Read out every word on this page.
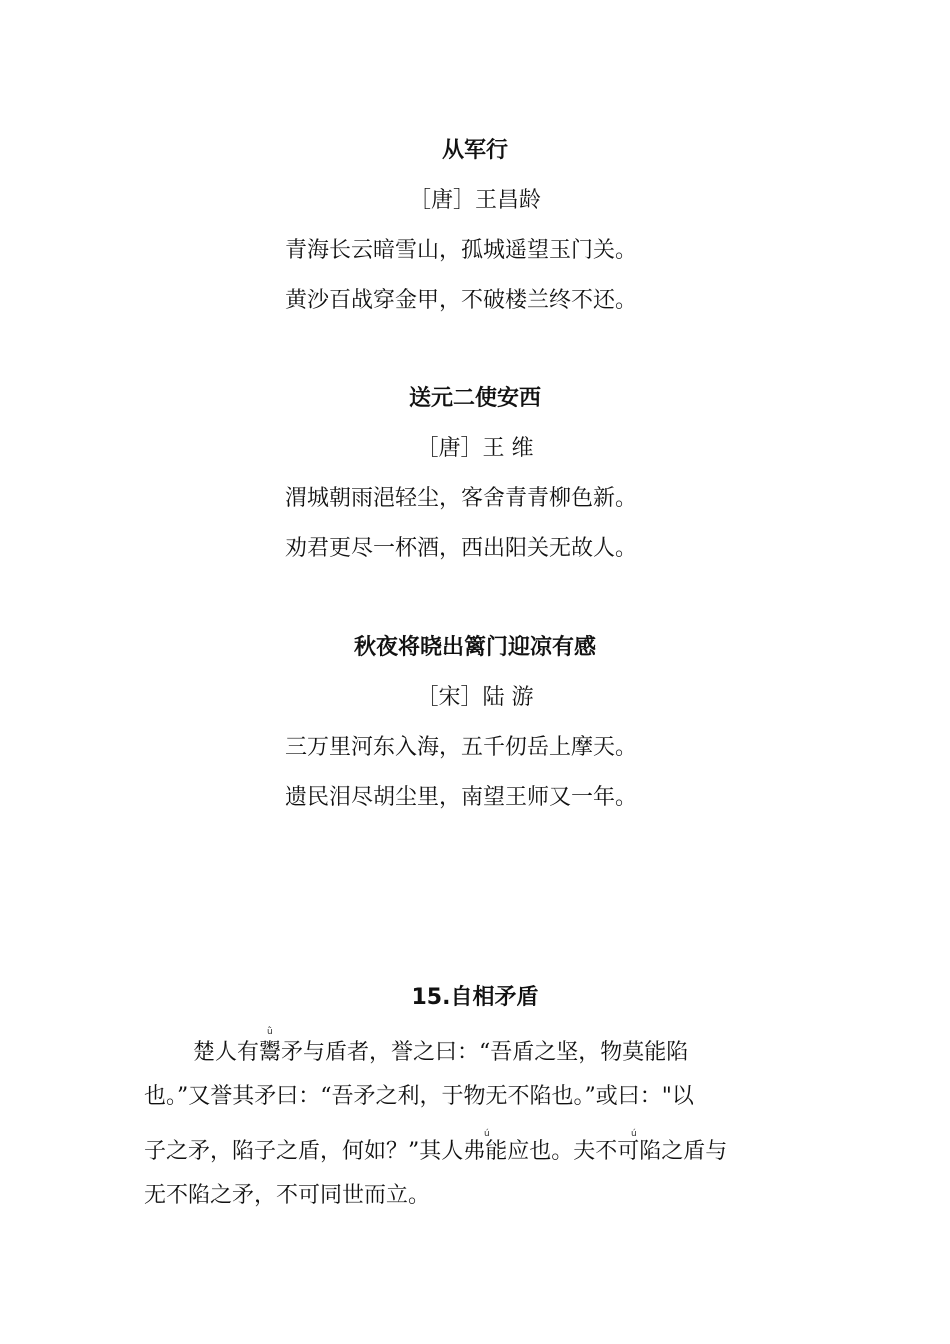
从军行
［唐］王昌龄
青海长云暗雪山，孤城遥望玉门关。
黄沙百战穿金甲，不破楼兰终不还。
送元二使安西
［唐］王 维
渭城朝雨浥轻尘，客舍青青柳色新。
劝君更尽一杯酒，西出阳关无故人。
秋夜将晓出篱门迎凉有感
［宋］陆 游
三万里河东入海，五千仞岳上摩天。
遗民泪尽胡尘里，南望王师又一年。
15.自相矛盾
ǜ
楚人有鬻矛与盾者，誉之曰：“吾盾之坚，物莫能陷
也。”又誉其矛曰：“吾矛之利，于物无不陷也。”或曰："以
ú	ú
子之矛，陷子之盾，何如？”其人弗能应也。夫不可陷之盾与
无不陷之矛，不可同世而立。
